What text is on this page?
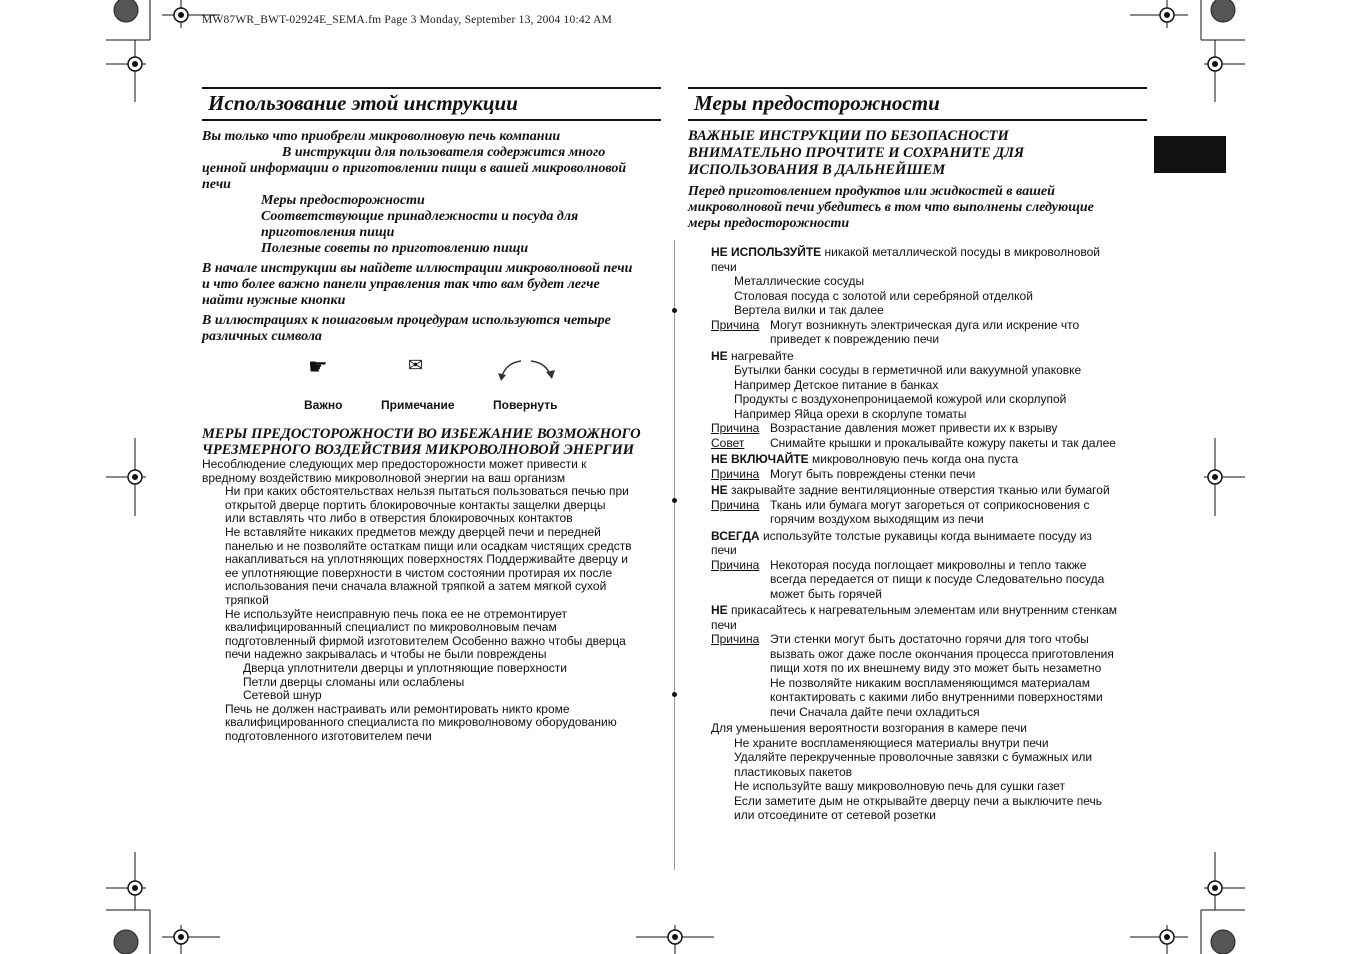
MW87WR_BWT-02924E_SEMA.fm Page 3 Monday, September 13, 2004 10:42 AM
Использование этой инструкции
Вы только что приобрели микроволновую печь компании
В инструкции для пользователя содержится много
ценной информации о приготовлении пищи в вашей микроволновой
печи
Меры предосторожности
Соответствующие принадлежности и посуда для
приготовления пищи
Полезные советы по приготовлению пищи
В начале инструкции вы найдете иллюстрации микроволновой печи
и что более важно панели управления так что вам будет легче
найти нужные кнопки
В иллюстрациях к пошаговым процедурам используются четыре
различных символа
☛	✉
Важно	Примечание	Повернуть
МЕРЫ ПРЕДОСТОРОЖНОСТИ ВО ИЗБЕЖАНИЕ ВОЗМОЖНОГО
ЧРЕЗМЕРНОГО ВОЗДЕЙСТВИЯ МИКРОВОЛНОВОЙ ЭНЕРГИИ
Несоблюдение следующих мер предосторожности может привести к
вредному воздействию микроволновой энергии на ваш организм
Ни при каких обстоятельствах нельзя пытаться пользоваться печью при
открытой дверце портить блокировочные контакты защелки дверцы
или вставлять что либо в отверстия блокировочных контактов
Не вставляйте никаких предметов между дверцей печи и передней
панелью и не позволяйте остаткам пищи или осадкам чистящих средств
накапливаться на уплотняющих поверхностях Поддерживайте дверцу и
ее уплотняющие поверхности в чистом состоянии протирая их после
использования печи сначала влажной тряпкой а затем мягкой сухой
тряпкой
Не используйте неисправную печь пока ее не отремонтирует
квалифицированный специалист по микроволновым печам
подготовленный фирмой изготовителем Особенно важно чтобы дверца
печи надежно закрывалась и чтобы не были повреждены
Дверца уплотнители дверцы и уплотняющие поверхности
Петли дверцы сломаны или ослаблены
Сетевой шнур
Печь не должен настраивать или ремонтировать никто кроме
квалифицированного специалиста по микроволновому оборудованию
подготовленного изготовителем печи
Меры предосторожности
ВАЖНЫЕ ИНСТРУКЦИИ ПО БЕЗОПАСНОСТИ
ВНИМАТЕЛЬНО ПРОЧТИТЕ И СОХРАНИТЕ ДЛЯ
ИСПОЛЬЗОВАНИЯ В ДАЛЬНЕЙШЕМ
Перед приготовлением продуктов или жидкостей в вашей
микроволновой печи убедитесь в том что выполнены следующие
меры предосторожности
НЕ ИСПОЛЬЗУЙТЕ никакой металлической посуды в микроволновой
печи
Металлические сосуды
Столовая посуда с золотой или серебряной отделкой
Вертела вилки и так далее
Причина Могут возникнуть электрическая дуга или искрение что
приведет к повреждению печи
НЕ нагревайте
Бутылки банки сосуды в герметичной или вакуумной упаковке
Например Детское питание в банках
Продукты с воздухонепроницаемой кожурой или скорлупой
Например Яйца орехи в скорлупе томаты
Причина Возрастание давления может привести их к взрыву
Совет	Снимайте крышки и прокалывайте кожуру пакеты и так далее
НЕ ВКЛЮЧАЙТЕ микроволновую печь когда она пуста
Причина Могут быть повреждены стенки печи
НЕ закрывайте задние вентиляционные отверстия тканью или бумагой
Причина Ткань или бумага могут загореться от соприкосновения с
горячим воздухом выходящим из печи
ВСЕГДА используйте толстые рукавицы когда вынимаете посуду из
печи
Причина Некоторая посуда поглощает микроволны и тепло также
всегда передается от пищи к посуде Следовательно посуда
может быть горячей
НЕ прикасайтесь к нагревательным элементам или внутренним стенкам
печи
Причина Эти стенки могут быть достаточно горячи для того чтобы
вызвать ожог даже после окончания процесса приготовления
пищи хотя по их внешнему виду это может быть незаметно
Не позволяйте никаким воспламеняющимся материалам
контактировать с какими либо внутренними поверхностями
печи Сначала дайте печи охладиться
Для уменьшения вероятности возгорания в камере печи
Не храните воспламеняющиеся материалы внутри печи
Удаляйте перекрученные проволочные завязки с бумажных или
пластиковых пакетов
Не используйте вашу микроволновую печь для сушки газет
Если заметите дым не открывайте дверцу печи а выключите печь
или отсоедините от сетевой розетки
